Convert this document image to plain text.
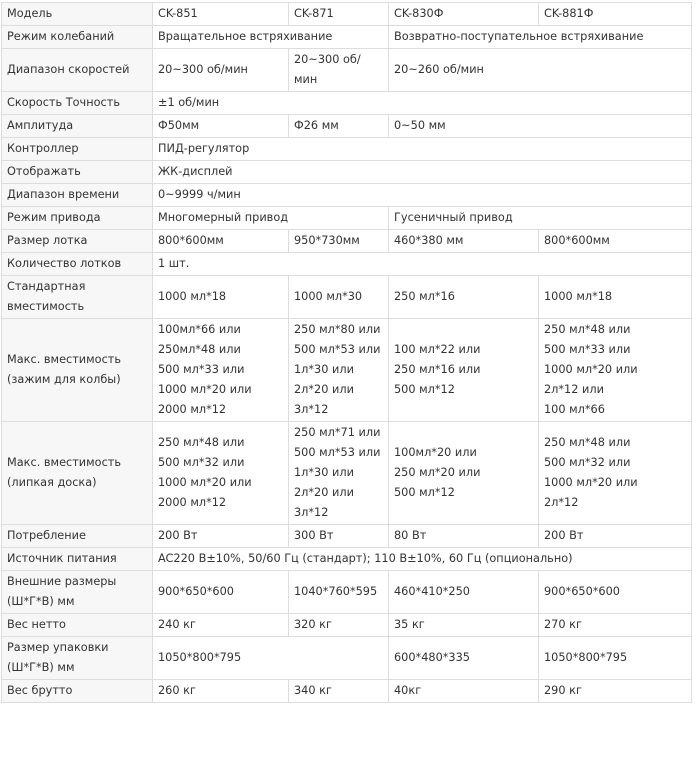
Модель	CK-851	CK-871	CK-830Ф	CK-881Ф

Режим колебаний	Вращательное встряхивание		Возвратно-поступательное встряхивание	

Диапазон скоростей	20~300 об/мин	20~300 об/мин	20~260 об/мин	

Скорость Точность	±1 об/мин			

Амплитуда	Ф50мм	Ф26 мм	0~50 мм	

Контроллер	ПИД-регулятор			

Отображать	ЖК-дисплей			

Диапазон времени	0~9999 ч/мин			

Режим привода	Многомерный привод		Гусеничный привод	

Размер лотка	800*600мм	950*730мм	460*380 мм	800*600мм

Количество лотков	1 шт.			

Стандартная вместимость	1000 мл*18	1000 мл*30	250 мл*16	1000 мл*18

Макс. вместимость (зажим для колбы)	100мл*66 или 250мл*48 или
500 мл*33 или
1000 мл*20 или
2000 мл*12	250 мл*80 или
500 мл*53 или
1л*30 или 2л*20 или 3л*12	100 мл*22 или
250 мл*16 или
500 мл*12	250 мл*48 или
500 мл*33 или
1000 мл*20 или
2л*12 или
100 мл*66

Макс. вместимость (липкая доска)	250 мл*48 или
500 мл*32 или
1000 мл*20 или
2000 мл*12	250 мл*71 или
500 мл*53 или
1л*30 или
2л*20 или
3л*12	100мл*20 или
250 мл*20 или
500 мл*12	250 мл*48 или
500 мл*32 или
1000 мл*20 или
2л*12

Потребление	200 Вт	300 Вт	80 Вт	200 Вт

Источник питания	AC220 В±10%, 50/60 Гц (стандарт); 110 В±10%, 60 Гц (опционально)			

Внешние размеры (Ш*Г*В) мм	900*650*600	1040*760*595	460*410*250	900*650*600

Вес нетто	240 кг	320 кг	35 кг	270 кг

Размер упаковки (Ш*Г*В) мм	1050*800*795		600*480*335	1050*800*795

Вес брутто	260 кг	340 кг	40кг	290 кг
